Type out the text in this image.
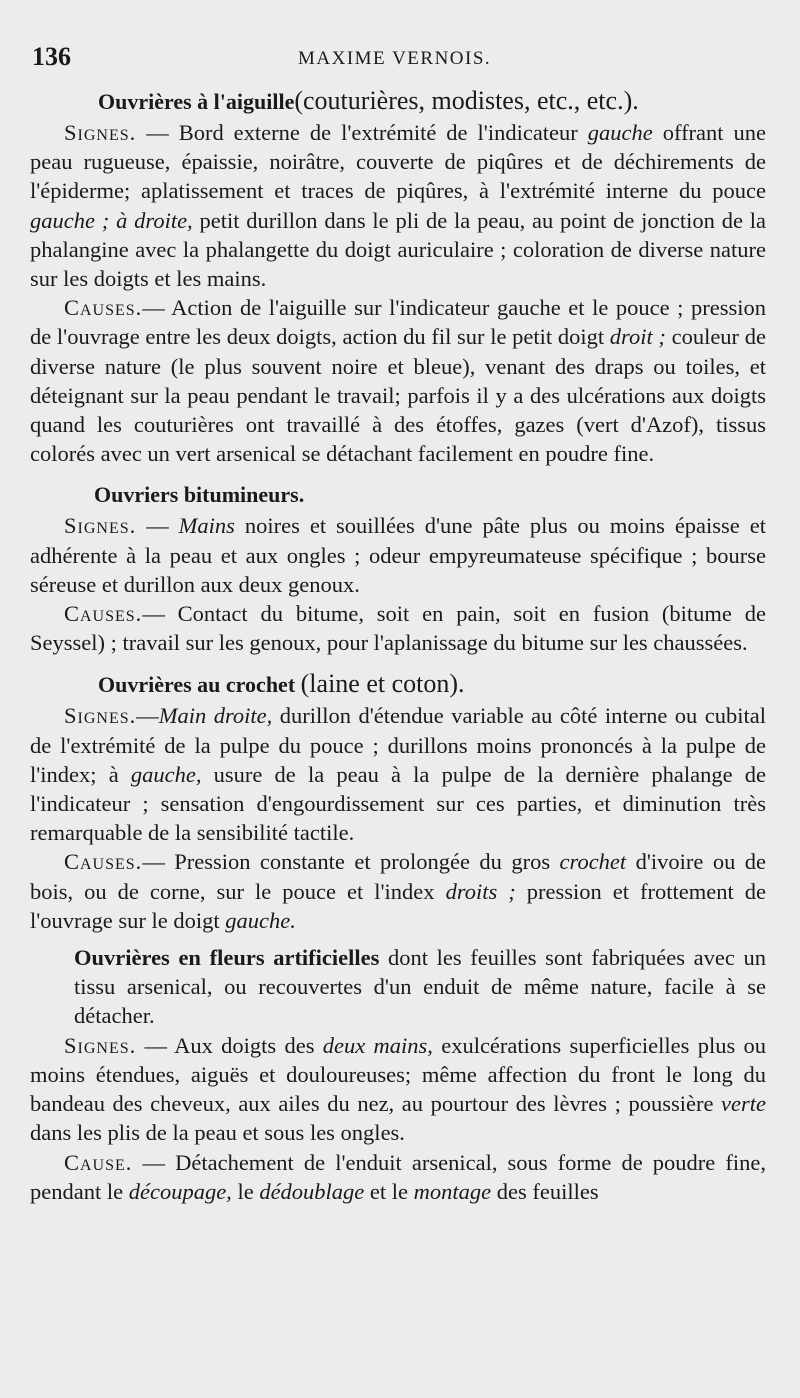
136	MAXIME VERNOIS.
Ouvrières à l'aiguille(couturières, modistes, etc., etc.).

Signes. — Bord externe de l'extrémité de l'indicateur gauche offrant une peau rugueuse, épaissie, noirâtre, couverte de piqûres et de déchirements de l'épiderme; aplatissement et traces de piqûres, à l'extrémité interne du pouce gauche ; à droite, petit durillon dans le pli de la peau, au point de jonction de la phalangine avec la phalangette du doigt auriculaire ; coloration de diverse nature sur les doigts et les mains.

Causes.— Action de l'aiguille sur l'indicateur gauche et le pouce ; pression de l'ouvrage entre les deux doigts, action du fil sur le petit doigt droit ; couleur de diverse nature (le plus souvent noire et bleue), venant des draps ou toiles, et déteignant sur la peau pendant le travail; parfois il y a des ulcérations aux doigts quand les couturières ont travaillé à des étoffes, gazes (vert d'Azof), tissus colorés avec un vert arsenical se détachant facilement en poudre fine.

Ouvriers bitumineurs.

Signes. — Mains noires et souillées d'une pâte plus ou moins épaisse et adhérente à la peau et aux ongles ; odeur empyreumateuse spécifique ; bourse séreuse et durillon aux deux genoux.

Causes.— Contact du bitume, soit en pain, soit en fusion (bitume de Seyssel) ; travail sur les genoux, pour l'aplanissage du bitume sur les chaussées.

Ouvrières au crochet (laine et coton).

Signes.—Main droite, durillon d'étendue variable au côté interne ou cubital de l'extrémité de la pulpe du pouce ; durillons moins prononcés à la pulpe de l'index; à gauche, usure de la peau à la pulpe de la dernière phalange de l'indicateur ; sensation d'engourdissement sur ces parties, et diminution très remarquable de la sensibilité tactile.

Causes.— Pression constante et prolongée du gros crochet d'ivoire ou de bois, ou de corne, sur le pouce et l'index droits ; pression et frottement de l'ouvrage sur le doigt gauche.

Ouvrières en fleurs artificielles dont les feuilles sont fabriquées avec un tissu arsenical, ou recouvertes d'un enduit de même nature, facile à se détacher.

Signes. — Aux doigts des deux mains, exulcérations superficielles plus ou moins étendues, aiguës et douloureuses; même affection du front le long du bandeau des cheveux, aux ailes du nez, au pourtour des lèvres ; poussière verte dans les plis de la peau et sous les ongles.

Cause. — Détachement de l'enduit arsenical, sous forme de poudre fine, pendant le découpage, le dédoublage et le montage des feuilles
